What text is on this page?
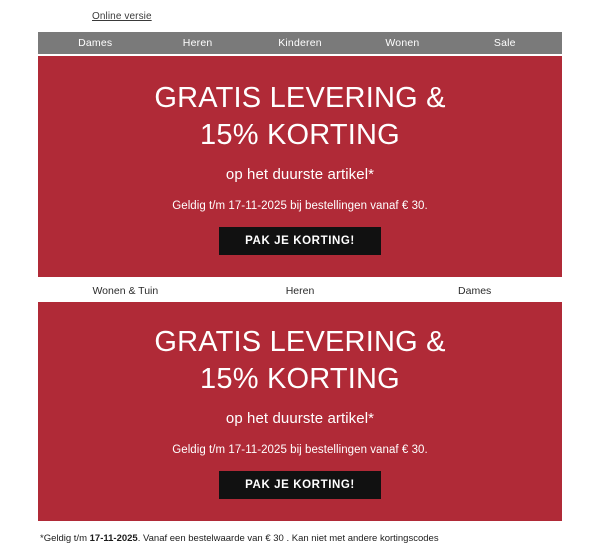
Online versie
Dames	Heren	Kinderen	Wonen	Sale
GRATIS LEVERING &
15% KORTING
op het duurste artikel*
Geldig t/m 17-11-2025 bij bestellingen vanaf € 30.
PAK JE KORTING!
Wonen & Tuin	Heren	Dames
GRATIS LEVERING &
15% KORTING
op het duurste artikel*
Geldig t/m 17-11-2025 bij bestellingen vanaf € 30.
PAK JE KORTING!
*Geldig t/m 17-11-2025. Vanaf een bestelwaarde van € 30 . Kan niet met andere kortingscodes
